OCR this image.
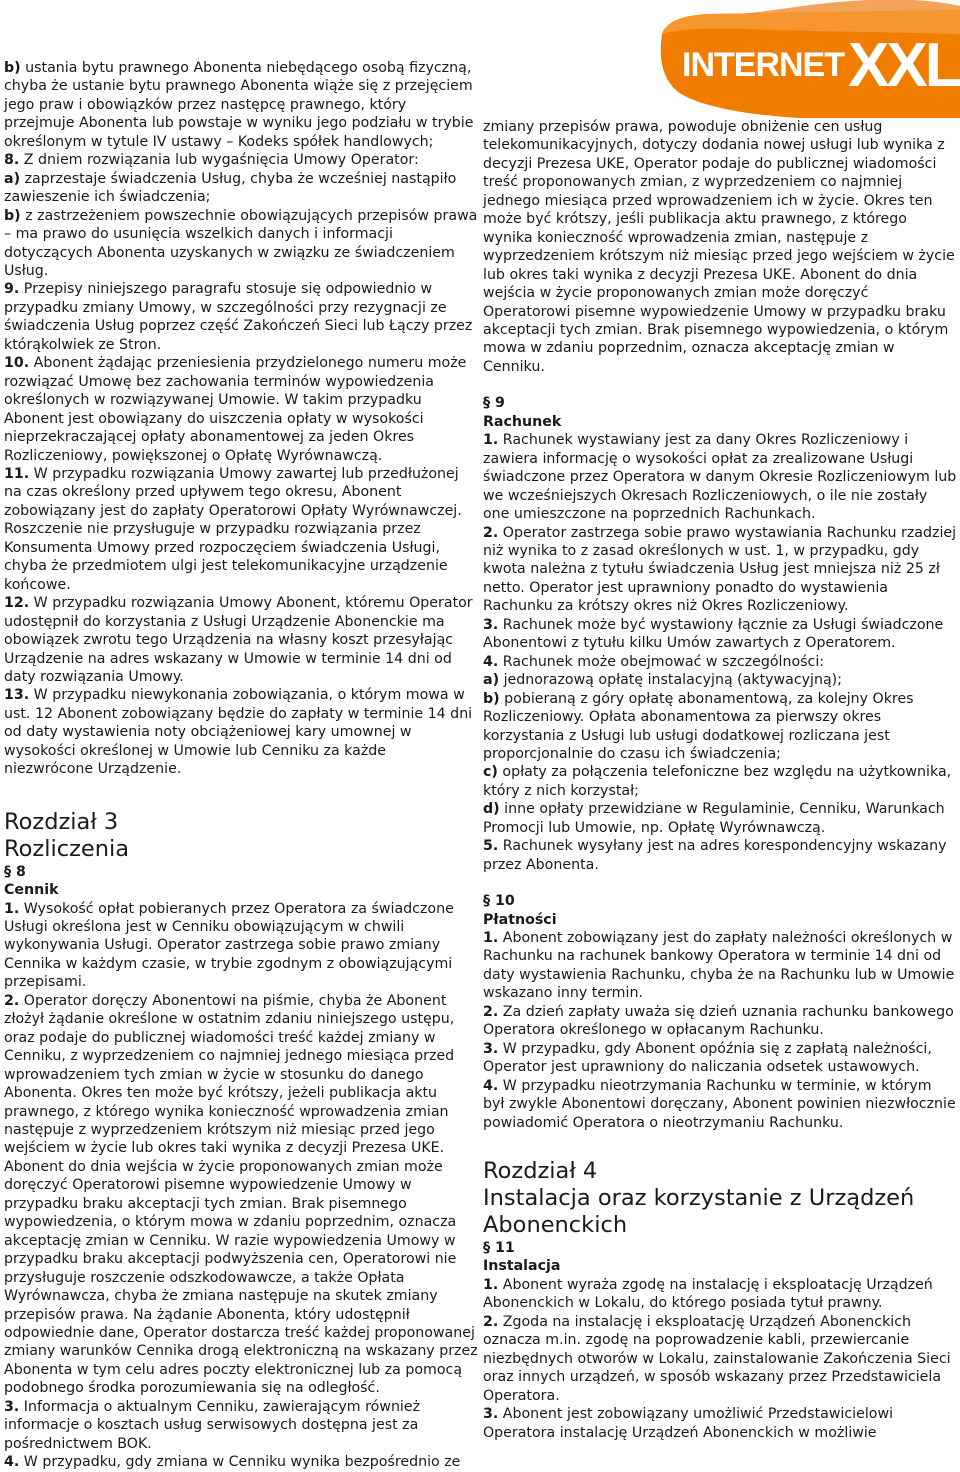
INTERNET XXL

b) ustania bytu prawnego Abonenta niebędącego osobą fizyczną, chyba że ustanie bytu prawnego Abonenta wiąże się z przejęciem jego praw i obowiązków przez następcę prawnego, który przejmuje Abonenta lub powstaje w wyniku jego podziału w trybie określonym w tytule IV ustawy – Kodeks spółek handlowych;

8. Z dniem rozwiązania lub wygaśnięcia Umowy Operator:

a) zaprzestaje świadczenia Usług, chyba że wcześniej nastąpiło zawieszenie ich świadczenia;

b) z zastrzeżeniem powszechnie obowiązujących przepisów prawa – ma prawo do usunięcia wszelkich danych i informacji dotyczących Abonenta uzyskanych w związku ze świadczeniem Usług.

9. Przepisy niniejszego paragrafu stosuje się odpowiednio w przypadku zmiany Umowy, w szczególności przy rezygnacji ze świadczenia Usług poprzez część Zakończeń Sieci lub Łączy przez którąkolwiek ze Stron.

10. Abonent żądając przeniesienia przydzielonego numeru może rozwiązać Umowę bez zachowania terminów wypowiedzenia określonych w rozwiązywanej Umowie. W takim przypadku Abonent jest obowiązany do uiszczenia opłaty w wysokości nieprzekraczającej opłaty abonamentowej za jeden Okres Rozliczeniowy, powiększonej o Opłatę Wyrównawczą.

11. W przypadku rozwiązania Umowy zawartej lub przedłużonej na czas określony przed upływem tego okresu, Abonent zobowiązany jest do zapłaty Operatorowi Opłaty Wyrównawczej. Roszczenie nie przysługuje w przypadku rozwiązania przez Konsumenta Umowy przed rozpoczęciem świadczenia Usługi, chyba że przedmiotem ulgi jest telekomunikacyjne urządzenie końcowe.

12. W przypadku rozwiązania Umowy Abonent, któremu Operator udostępnił do korzystania z Usługi Urządzenie Abonenckie ma obowiązek zwrotu tego Urządzenia na własny koszt przesyłając Urządzenie na adres wskazany w Umowie w terminie 14 dni od daty rozwiązania Umowy.

13. W przypadku niewykonania zobowiązania, o którym mowa w ust. 12 Abonent zobowiązany będzie do zapłaty w terminie 14 dni od daty wystawienia noty obciążeniowej kary umownej w wysokości określonej w Umowie lub Cenniku za każde niezwrócone Urządzenie.

Rozdział 3
Rozliczenia

§ 8

Cennik

1. Wysokość opłat pobieranych przez Operatora za świadczone Usługi określona jest w Cenniku obowiązującym w chwili wykonywania Usługi. Operator zastrzega sobie prawo zmiany Cennika w każdym czasie, w trybie zgodnym z obowiązującymi przepisami.

2. Operator doręczy Abonentowi na piśmie, chyba że Abonent złożył żądanie określone w ostatnim zdaniu niniejszego ustępu, oraz podaje do publicznej wiadomości treść każdej zmiany w Cenniku, z wyprzedzeniem co najmniej jednego miesiąca przed wprowadzeniem tych zmian w życie w stosunku do danego Abonenta. Okres ten może być krótszy, jeżeli publikacja aktu prawnego, z którego wynika konieczność wprowadzenia zmian następuje z wyprzedzeniem krótszym niż miesiąc przed jego wejściem w życie lub okres taki wynika z decyzji Prezesa UKE. Abonent do dnia wejścia w życie proponowanych zmian może doręczyć Operatorowi pisemne wypowiedzenie Umowy w przypadku braku akceptacji tych zmian. Brak pisemnego wypowiedzenia, o którym mowa w zdaniu poprzednim, oznacza akceptację zmian w Cenniku. W razie wypowiedzenia Umowy w przypadku braku akceptacji podwyższenia cen, Operatorowi nie przysługuje roszczenie odszkodowawcze, a także Opłata Wyrównawcza, chyba że zmiana następuje na skutek zmiany przepisów prawa. Na żądanie Abonenta, który udostępnił odpowiednie dane, Operator dostarcza treść każdej proponowanej zmiany warunków Cennika drogą elektroniczną na wskazany przez Abonenta w tym celu adres poczty elektronicznej lub za pomocą podobnego środka porozumiewania się na odległość.

3. Informacja o aktualnym Cenniku, zawierającym również informacje o kosztach usług serwisowych dostępna jest za pośrednictwem BOK.

4. W przypadku, gdy zmiana w Cenniku wynika bezpośrednio ze

zmiany przepisów prawa, powoduje obniżenie cen usług telekomunikacyjnych, dotyczy dodania nowej usługi lub wynika z decyzji Prezesa UKE, Operator podaje do publicznej wiadomości treść proponowanych zmian, z wyprzedzeniem co najmniej jednego miesiąca przed wprowadzeniem ich w życie. Okres ten może być krótszy, jeśli publikacja aktu prawnego, z którego wynika konieczność wprowadzenia zmian, następuje z wyprzedzeniem krótszym niż miesiąc przed jego wejściem w życie lub okres taki wynika z decyzji Prezesa UKE. Abonent do dnia wejścia w życie proponowanych zmian może doręczyć Operatorowi pisemne wypowiedzenie Umowy w przypadku braku akceptacji tych zmian. Brak pisemnego wypowiedzenia, o którym mowa w zdaniu poprzednim, oznacza akceptację zmian w Cenniku.

§ 9

Rachunek

1. Rachunek wystawiany jest za dany Okres Rozliczeniowy i zawiera informację o wysokości opłat za zrealizowane Usługi świadczone przez Operatora w danym Okresie Rozliczeniowym lub we wcześniejszych Okresach Rozliczeniowych, o ile nie zostały one umieszczone na poprzednich Rachunkach.

2. Operator zastrzega sobie prawo wystawiania Rachunku rzadziej niż wynika to z zasad określonych w ust. 1, w przypadku, gdy kwota należna z tytułu świadczenia Usług jest mniejsza niż 25 zł netto. Operator jest uprawniony ponadto do wystawienia Rachunku za krótszy okres niż Okres Rozliczeniowy.

3. Rachunek może być wystawiony łącznie za Usługi świadczone Abonentowi z tytułu kilku Umów zawartych z Operatorem.

4. Rachunek może obejmować w szczególności:

a) jednorazową opłatę instalacyjną (aktywacyjną);

b) pobieraną z góry opłatę abonamentową, za kolejny Okres Rozliczeniowy. Opłata abonamentowa za pierwszy okres korzystania z Usługi lub usługi dodatkowej rozliczana jest proporcjonalnie do czasu ich świadczenia;

c) opłaty za połączenia telefoniczne bez względu na użytkownika, który z nich korzystał;

d) inne opłaty przewidziane w Regulaminie, Cenniku, Warunkach Promocji lub Umowie, np. Opłatę Wyrównawczą.

5. Rachunek wysyłany jest na adres korespondencyjny wskazany przez Abonenta.

§ 10

Płatności

1. Abonent zobowiązany jest do zapłaty należności określonych w Rachunku na rachunek bankowy Operatora w terminie 14 dni od daty wystawienia Rachunku, chyba że na Rachunku lub w Umowie wskazano inny termin.

2. Za dzień zapłaty uważa się dzień uznania rachunku bankowego Operatora określonego w opłacanym Rachunku.

3. W przypadku, gdy Abonent opóźnia się z zapłatą należności, Operator jest uprawniony do naliczania odsetek ustawowych.

4. W przypadku nieotrzymania Rachunku w terminie, w którym był zwykle Abonentowi doręczany, Abonent powinien niezwłocznie powiadomić Operatora o nieotrzymaniu Rachunku.

Rozdział 4
Instalacja oraz korzystanie z Urządzeń Abonenckich

§ 11

Instalacja

1. Abonent wyraża zgodę na instalację i eksploatację Urządzeń Abonenckich w Lokalu, do którego posiada tytuł prawny.

2. Zgoda na instalację i eksploatację Urządzeń Abonenckich oznacza m.in. zgodę na poprowadzenie kabli, przewiercanie niezbędnych otworów w Lokalu, zainstalowanie Zakończenia Sieci oraz innych urządzeń, w sposób wskazany przez Przedstawiciela Operatora.

3. Abonent jest zobowiązany umożliwić Przedstawicielowi Operatora instalację Urządzeń Abonenckich w możliwie
